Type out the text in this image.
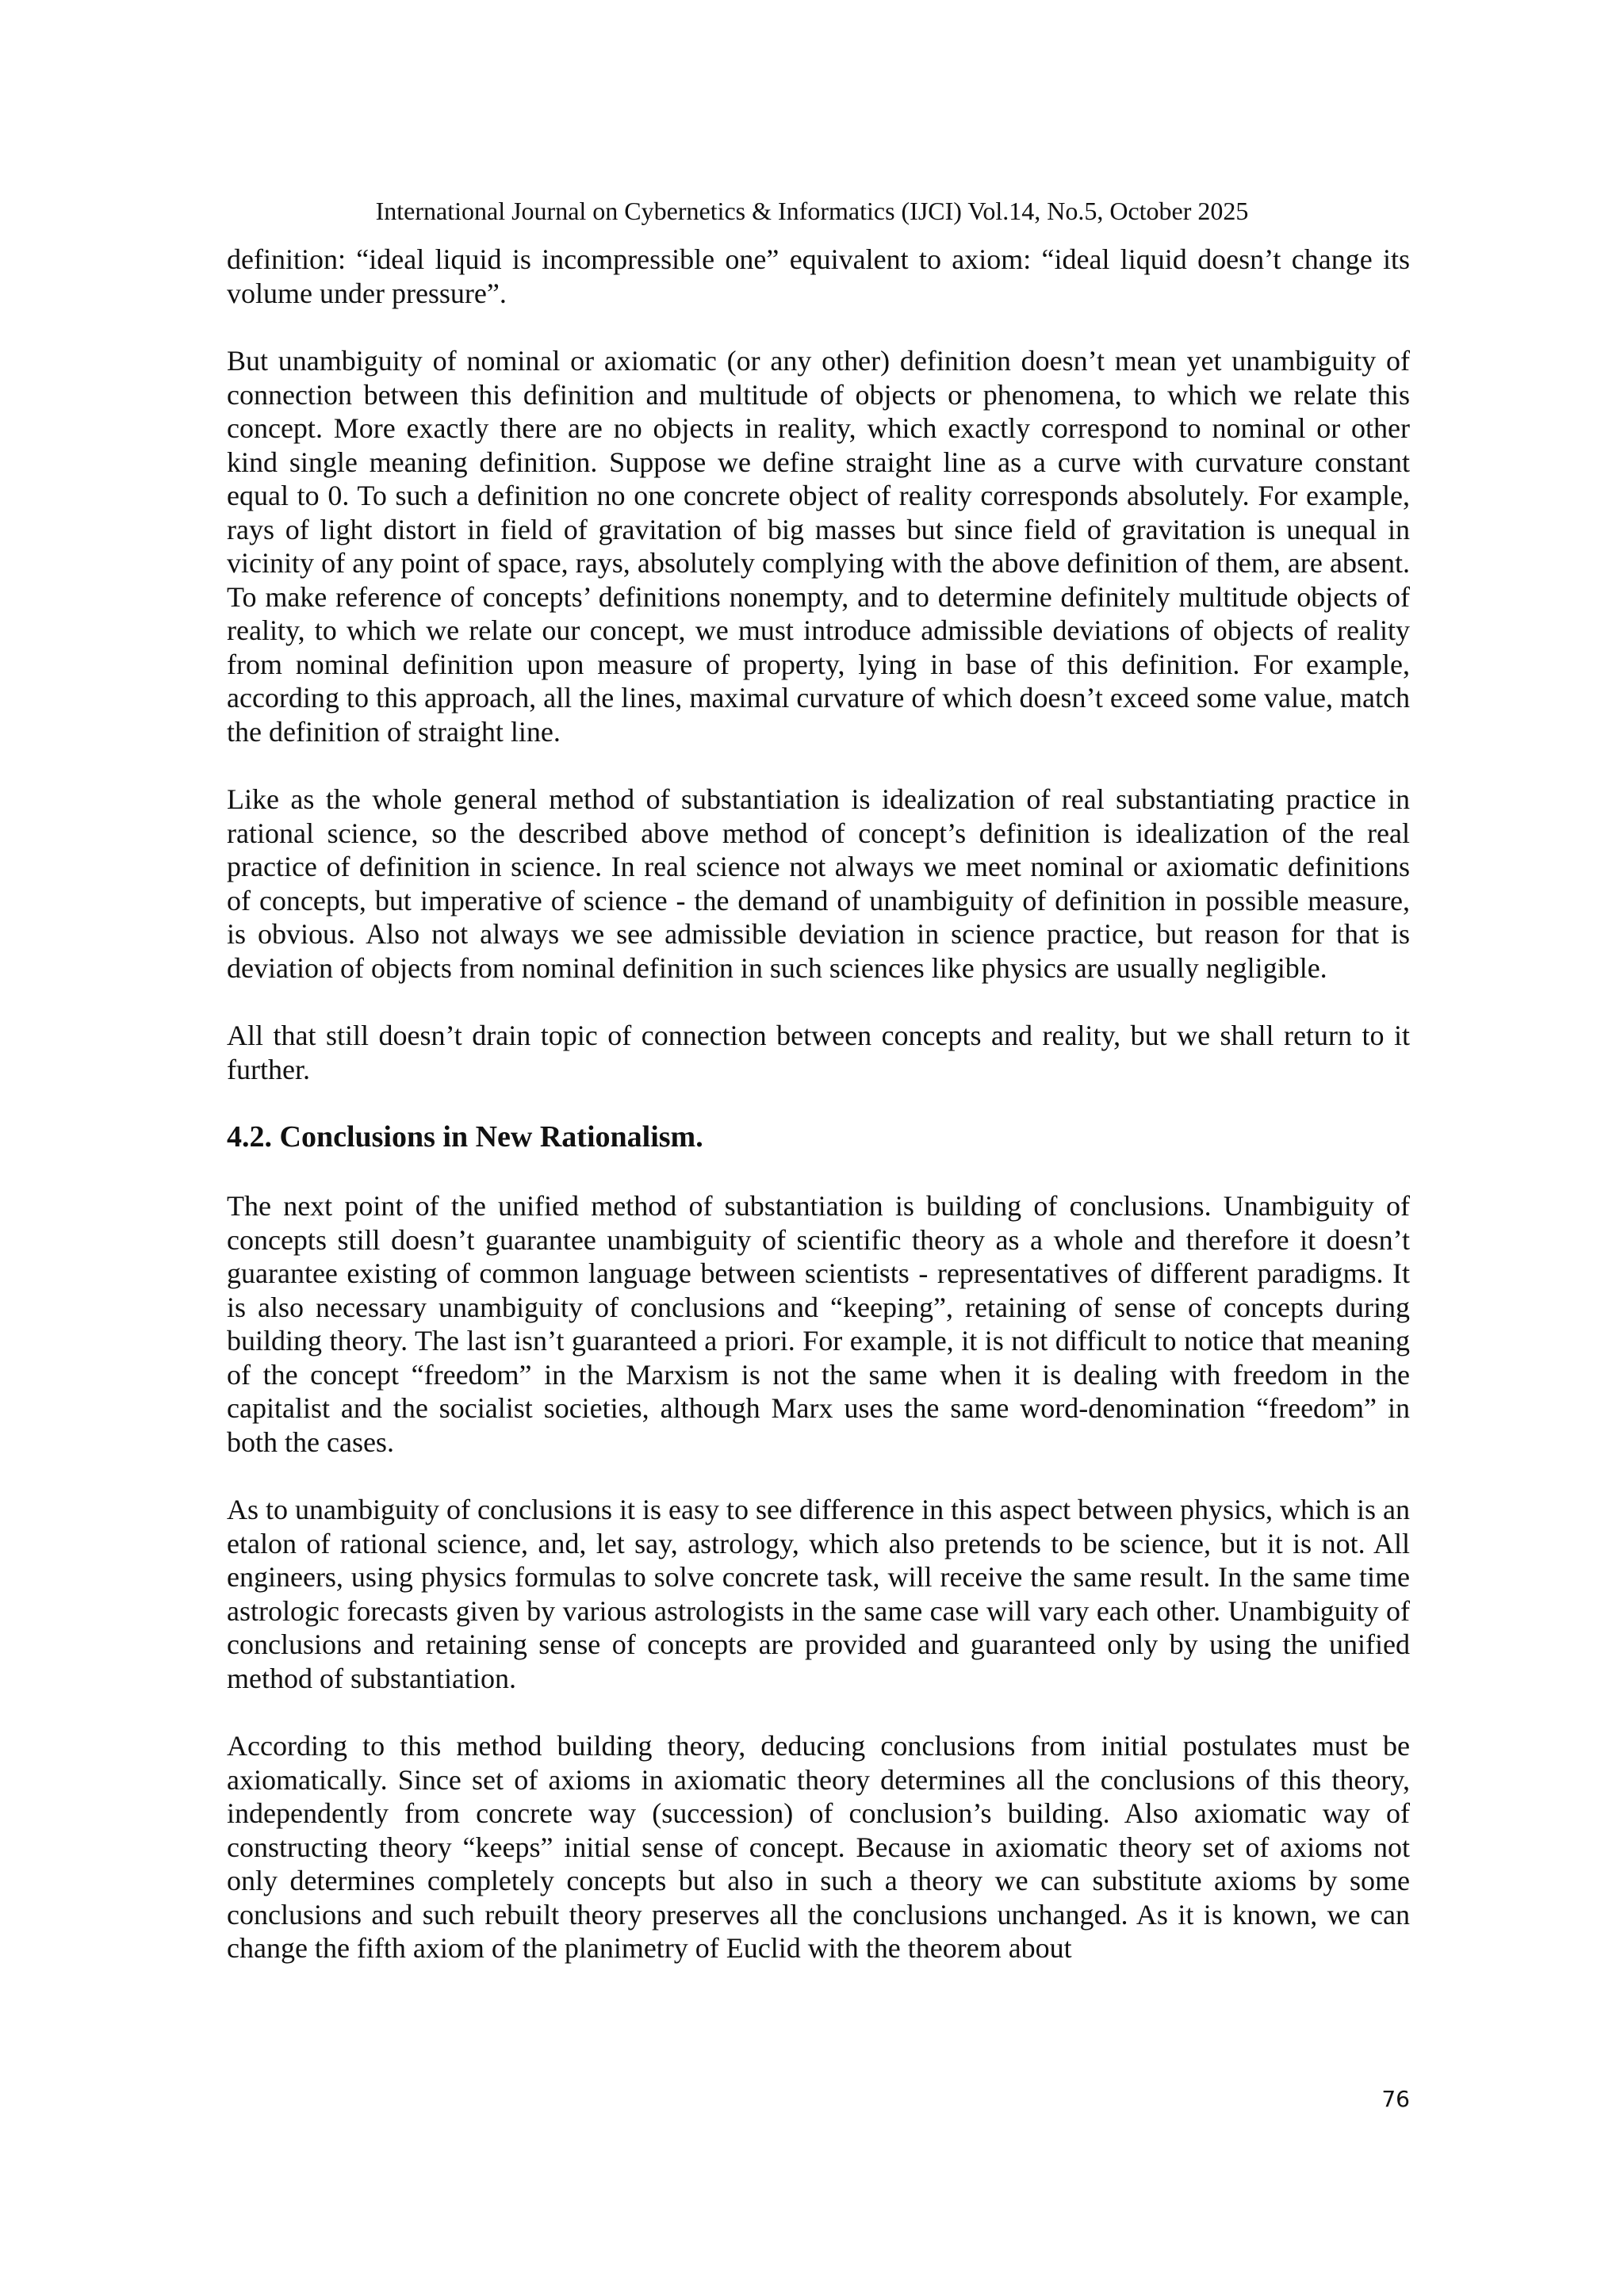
International Journal on Cybernetics & Informatics (IJCI) Vol.14, No.5, October 2025

definition: “ideal liquid is incompressible one” equivalent to axiom: “ideal liquid doesn’t change its volume under pressure”.

But unambiguity of nominal or axiomatic (or any other) definition doesn’t mean yet unambiguity of connection between this definition and multitude of objects or phenomena, to which we relate this concept. More exactly there are no objects in reality, which exactly correspond to nominal or other kind single meaning definition. Suppose we define straight line as a curve with curvature constant equal to 0. To such a definition no one concrete object of reality corresponds absolutely. For example, rays of light distort in field of gravitation of big masses but since field of gravitation is unequal in vicinity of any point of space, rays, absolutely complying with the above definition of them, are absent. To make reference of concepts’ definitions nonempty, and to determine definitely multitude objects of reality, to which we relate our concept, we must introduce admissible deviations of objects of reality from nominal definition upon measure of property, lying in base of this definition. For example, according to this approach, all the lines, maximal curvature of which doesn’t exceed some value, match the definition of straight line.

Like as the whole general method of substantiation is idealization of real substantiating practice in rational science, so the described above method of concept’s definition is idealization of the real practice of definition in science. In real science not always we meet nominal or axiomatic definitions of concepts, but imperative of science - the demand of unambiguity of definition in possible measure, is obvious. Also not always we see admissible deviation in science practice, but reason for that is deviation of objects from nominal definition in such sciences like physics are usually negligible.

All that still doesn’t drain topic of connection between concepts and reality, but we shall return to it further.

4.2. Conclusions in New Rationalism.

The next point of the unified method of substantiation is building of conclusions. Unambiguity of concepts still doesn’t guarantee unambiguity of scientific theory as a whole and therefore it doesn’t guarantee existing of common language between scientists - representatives of different paradigms. It is also necessary unambiguity of conclusions and “keeping”, retaining of sense of concepts during building theory. The last isn’t guaranteed a priori. For example, it is not difficult to notice that meaning of the concept “freedom” in the Marxism is not the same when it is dealing with freedom in the capitalist and the socialist societies, although Marx uses the same word-denomination “freedom” in both the cases.

As to unambiguity of conclusions it is easy to see difference in this aspect between physics, which is an etalon of rational science, and, let say, astrology, which also pretends to be science, but it is not. All engineers, using physics formulas to solve concrete task, will receive the same result. In the same time astrologic forecasts given by various astrologists in the same case will vary each other. Unambiguity of conclusions and retaining sense of concepts are provided and guaranteed only by using the unified method of substantiation.

According to this method building theory, deducing conclusions from initial postulates must be axiomatically. Since set of axioms in axiomatic theory determines all the conclusions of this theory, independently from concrete way (succession) of conclusion’s building. Also axiomatic way of constructing theory “keeps” initial sense of concept. Because in axiomatic theory set of axioms not only determines completely concepts but also in such a theory we can substitute axioms by some conclusions and such rebuilt theory preserves all the conclusions unchanged. As it is known, we can change the fifth axiom of the planimetry of Euclid with the theorem about

76
